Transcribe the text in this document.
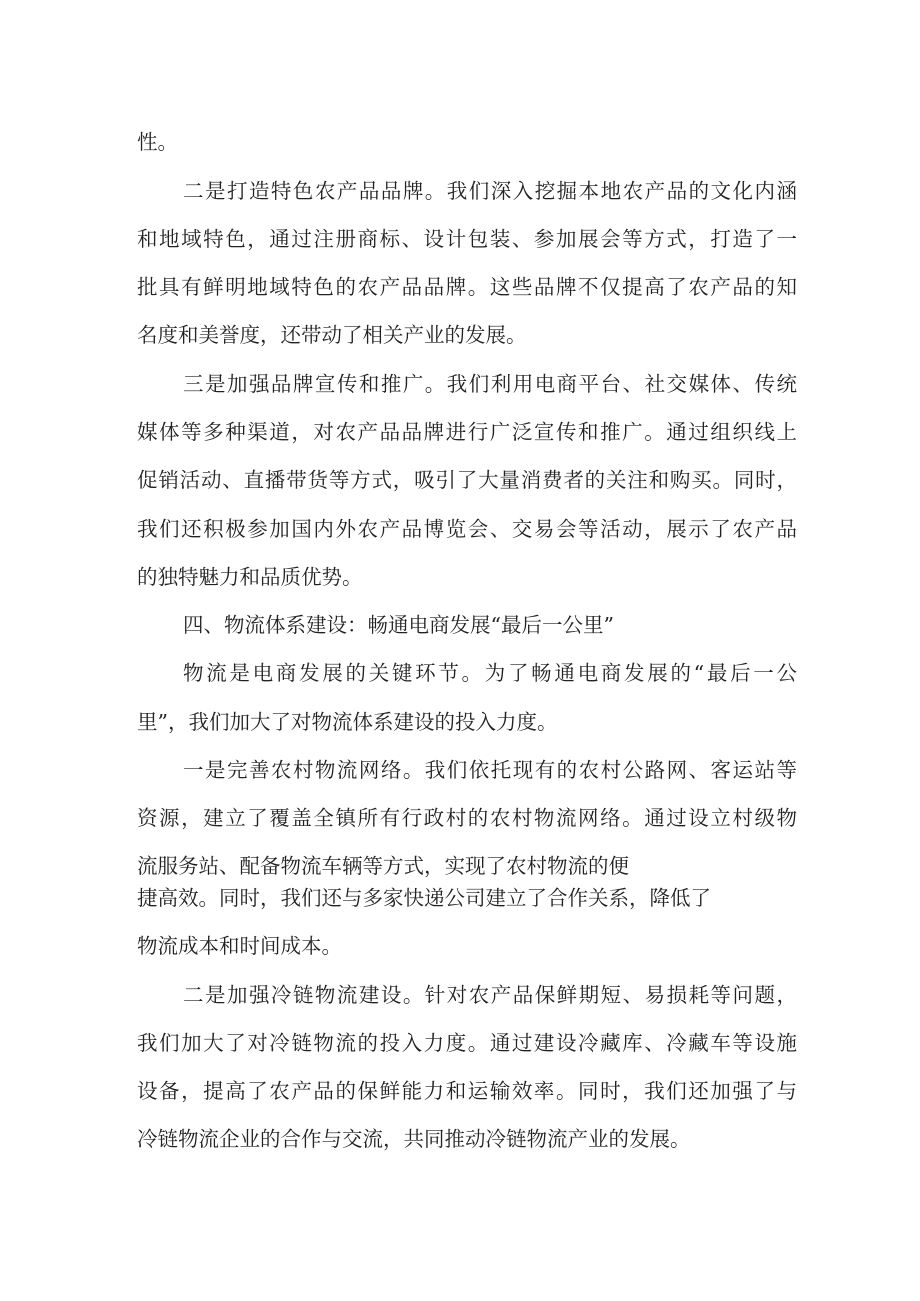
性。
二是打造特色农产品品牌。我们深入挖掘本地农产品的文化内涵
和地域特色，通过注册商标、设计包装、参加展会等方式，打造了一
批具有鲜明地域特色的农产品品牌。这些品牌不仅提高了农产品的知
名度和美誉度，还带动了相关产业的发展。
三是加强品牌宣传和推广。我们利用电商平台、社交媒体、传统
媒体等多种渠道，对农产品品牌进行广泛宣传和推广。通过组织线上
促销活动、直播带货等方式，吸引了大量消费者的关注和购买。同时，
我们还积极参加国内外农产品博览会、交易会等活动，展示了农产品
的独特魅力和品质优势。
四、物流体系建设：畅通电商发展“最后一公里”
物流是电商发展的关键环节。为了畅通电商发展的“最后一公
里”，我们加大了对物流体系建设的投入力度。
一是完善农村物流网络。我们依托现有的农村公路网、客运站等
资源，建立了覆盖全镇所有行政村的农村物流网络。通过设立村级物
流服务站、配备物流车辆等方式，实现了农村物流的便
捷高效。同时，我们还与多家快递公司建立了合作关系，降低了
物流成本和时间成本。
二是加强冷链物流建设。针对农产品保鲜期短、易损耗等问题，
我们加大了对冷链物流的投入力度。通过建设冷藏库、冷藏车等设施
设备，提高了农产品的保鲜能力和运输效率。同时，我们还加强了与
冷链物流企业的合作与交流，共同推动冷链物流产业的发展。
